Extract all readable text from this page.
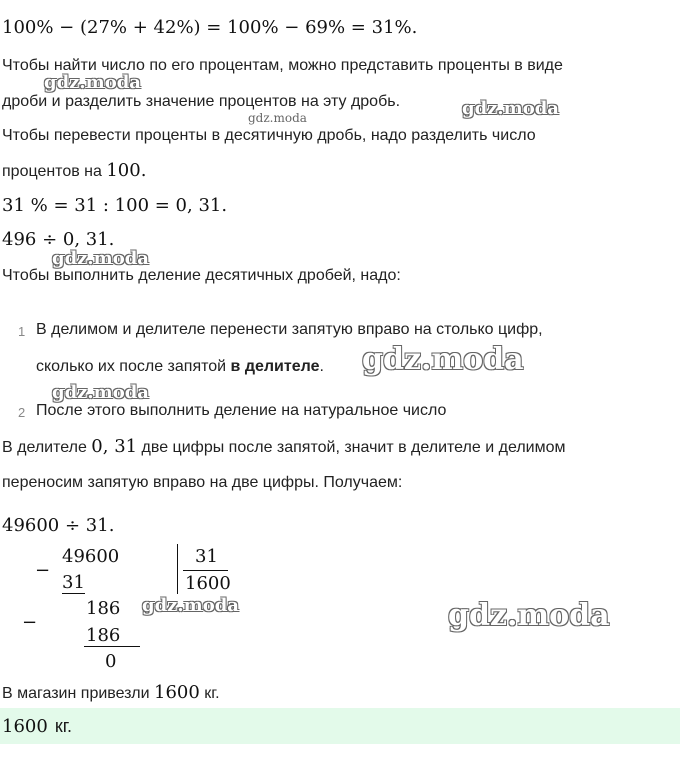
100% − (27% + 42%) = 100% − 69% = 31%.
Чтобы найти число по его процентам, можно представить проценты в виде
дроби и разделить значение процентов на эту дробь.
Чтобы перевести проценты в десятичную дробь, надо разделить число
процентов на 100.
31 % = 31 : 100 = 0, 31.
496 ÷ 0, 31.
Чтобы выполнить деление десятичных дробей, надо:
1 В делимом и делителе перенести запятую вправо на столько цифр,
сколько их после запятой в делителе.
2 После этого выполнить деление на натуральное число
В делителе 0, 31 две цифры после запятой, значит в делителе и делимом
переносим запятую вправо на две цифры. Получаем:
49600 ÷ 31.
−
49600
31
31
1600
−
186
186
0
В магазин привезли 1600 кг.
1600 кг.
gdz.moda
gdz.moda
gdz.moda
gdz.moda
gdz.moda
gdz.moda
gdz.moda	gdz.moda
